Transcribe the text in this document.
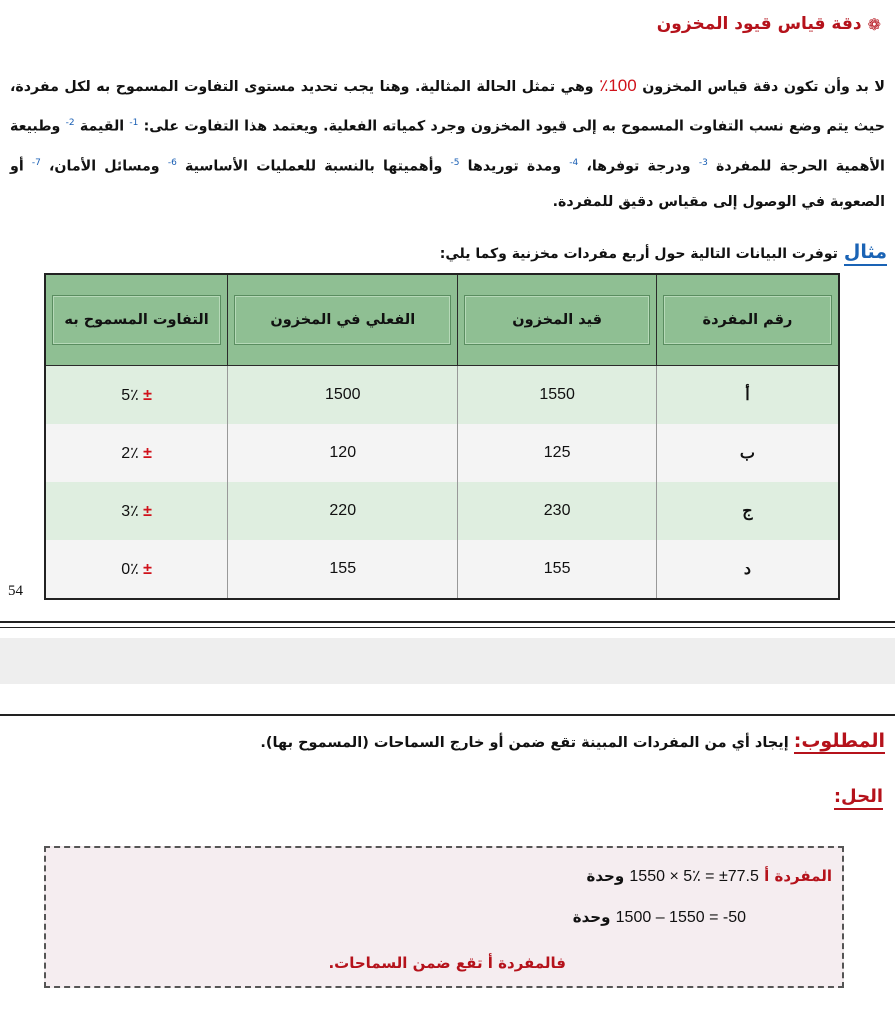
❁
دقة قياس قيود المخزون
لا بد وأن تكون دقة قياس المخزون 100٪ وهي تمثل الحالة المثالية. وهنا يجب تحديد مستوى التفاوت المسموح به لكل مفردة، حيث يتم وضع نسب التفاوت المسموح به إلى قيود المخزون وجرد كمياته الفعلية. ويعتمد هذا التفاوت على: $^{1-}$ القيمة $^{2-}$ وطبيعة الأهمية الحرجة للمفردة $^{3-}$ ودرجة توفرها، $^{4-}$ ومدة توريدها $^{5-}$ وأهميتها بالنسبة للعمليات الأساسية $^{6-}$ ومسائل الأمان، $^{7-}$ أو الصعوبة في الوصول إلى مقياس دقيق للمفردة.
مثال
توفرت البيانات التالية حول أربع مفردات مخزنية وكما يلي:
رقم المفردة	قيد المخزون	الفعلي في المخزون	التفاوت المسموح به

أ	1550	1500	± 5٪
ب	125	120	± 2٪
ج	230	220	± 3٪
د	155	155	± 0٪
54
المطلوب: إيجاد أي من المفردات المبينة تقع ضمن أو خارج السماحات (المسموح بها).
الحل:
المفردة أ 1550 × 5٪ = ±77.5 وحدة
1500 – 1550 = -50 وحدة
فالمفردة أ تقع ضمن السماحات.
